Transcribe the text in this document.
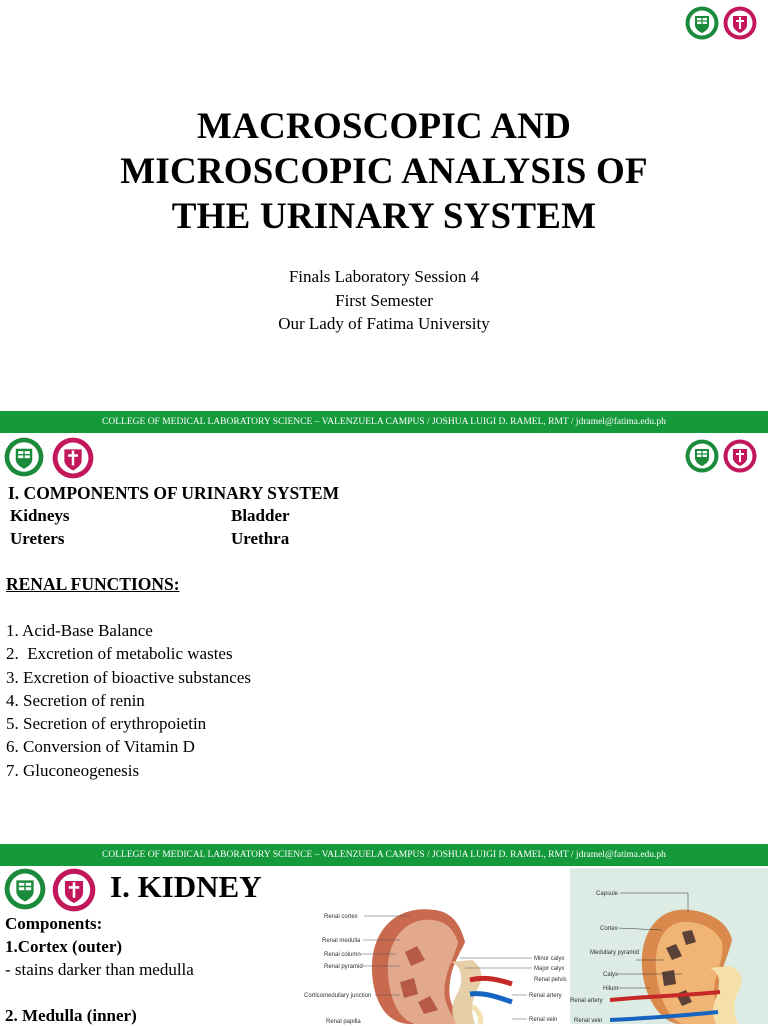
MACROSCOPIC AND
MICROSCOPIC ANALYSIS OF
THE URINARY SYSTEM
Finals Laboratory Session 4
First Semester
Our Lady of Fatima University
COLLEGE OF MEDICAL LABORATORY SCIENCE – VALENZUELA CAMPUS / JOSHUA LUIGI D. RAMEL, RMT / jdramel@fatima.edu.ph
I. COMPONENTS OF URINARY SYSTEM
Kidneys	Bladder
Ureters	Urethra
RENAL FUNCTIONS:
1. Acid-Base Balance
2.  Excretion of metabolic wastes
3. Excretion of bioactive substances
4. Secretion of renin
5. Secretion of erythropoietin
6. Conversion of Vitamin D
7. Gluconeogenesis
COLLEGE OF MEDICAL LABORATORY SCIENCE – VALENZUELA CAMPUS / JOSHUA LUIGI D. RAMEL, RMT / jdramel@fatima.edu.ph
I. KIDNEY
Components:
1.Cortex (outer)
- stains darker than medulla
2. Medulla (inner)
Renal cortex
Renal medulla
Renal column
Renal pyramid
Corticomedullary junction
Renal papilla
Minor calyx
Major calyx
Renal pelvis
Renal artery
Renal vein
Capsule
Cortex
Medullary pyramid
Calyx
Hilum
Renal artery
Renal vein
